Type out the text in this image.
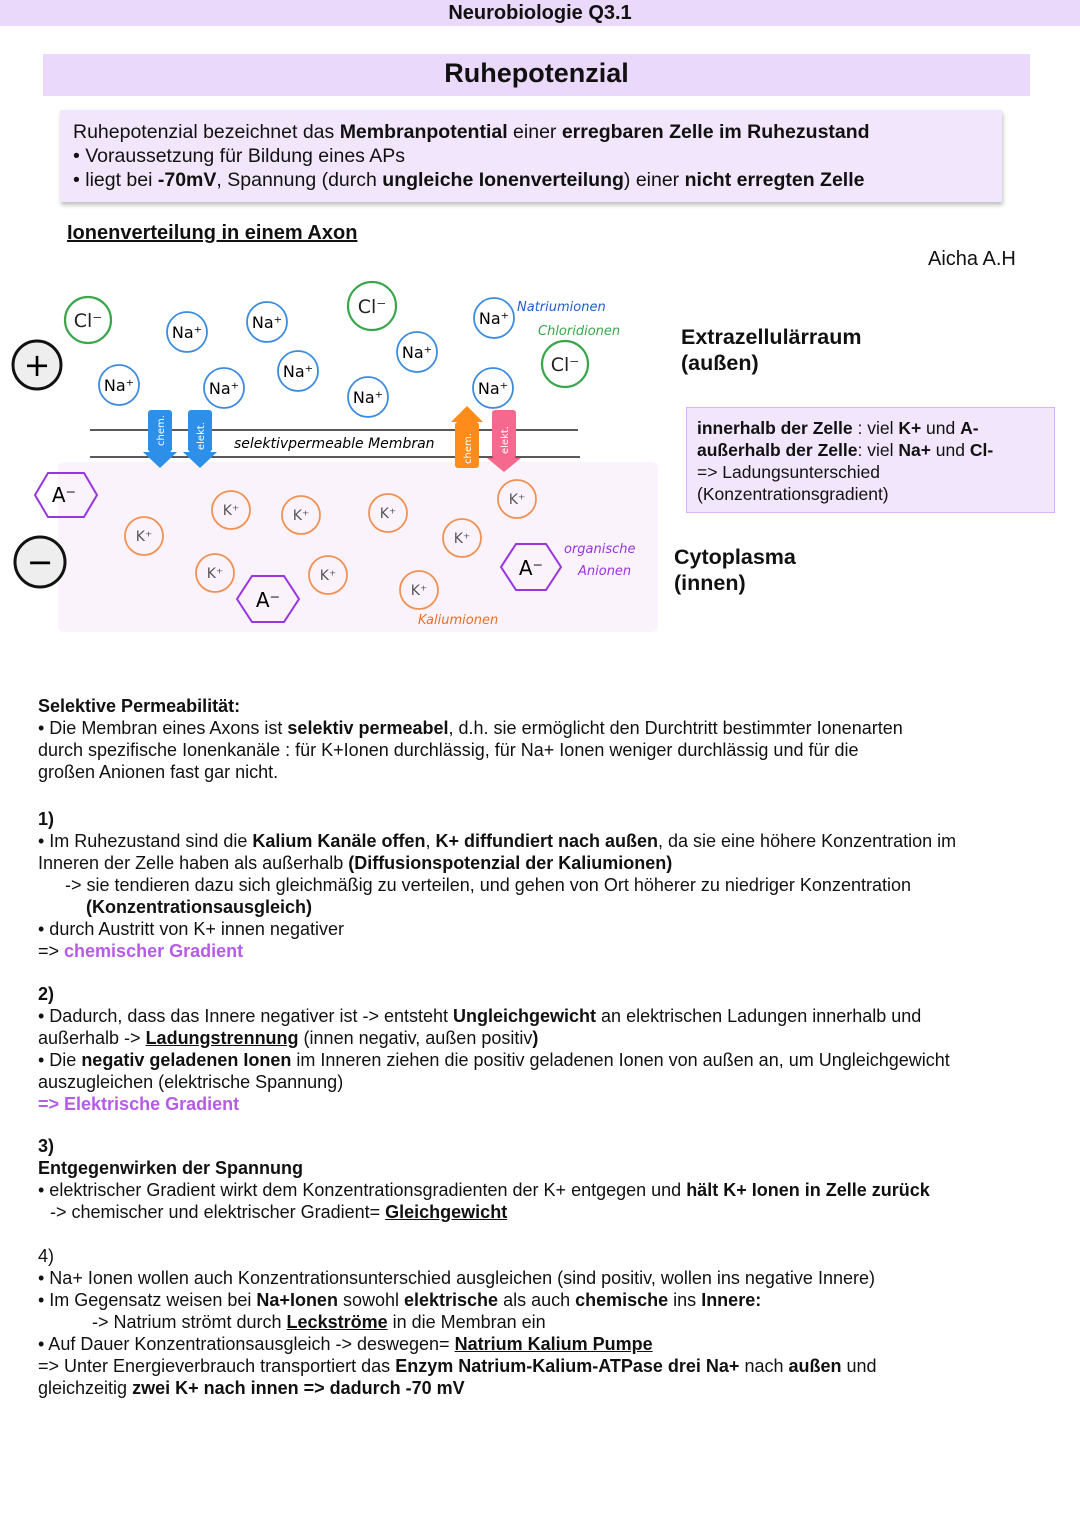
Neurobiologie Q3.1
Ruhepotenzial
Ruhepotenzial bezeichnet das Membranpotential einer erregbaren Zelle im Ruhezustand
• Voraussetzung für Bildung eines APs
• liegt bei -70mV, Spannung (durch ungleiche Ionenverteilung) einer nicht erregten Zelle
Ionenverteilung in einem Axon
Aicha A.H
selektivpermeable Membran
chem.	elekt.	chem.	elekt.
Cl⁻
Cl⁻
Cl⁻
Na⁺
Na⁺
Na⁺
Na⁺
Na⁺	Na⁺
Na⁺
Na⁺	Na⁺
K⁺
K⁺	K⁺	K⁺
K⁺
K⁺
K⁺	K⁺
K⁺
A⁻
A⁻
A⁻
+
−
Natriumionen
Chloridionen
organische
Anionen
Kaliumionen
Extrazellulärraum
(außen)
innerhalb der Zelle : viel K+ und A-
außerhalb der Zelle: viel Na+ und Cl-
=> Ladungsunterschied
(Konzentrationsgradient)
Cytoplasma
(innen)

Selektive Permeabilität:

• Die Membran eines Axons ist selektiv permeabel, d.h. sie ermöglicht den Durchtritt bestimmter Ionenarten

durch spezifische Ionenkanäle : für K+Ionen durchlässig, für Na+ Ionen weniger durchlässig und für die

großen Anionen fast gar nicht.

1)

• Im Ruhezustand sind die Kalium Kanäle offen, K+ diffundiert nach außen, da sie eine höhere Konzentration im

Inneren der Zelle haben als außerhalb (Diffusionspotenzial der Kaliumionen)

-> sie tendieren dazu sich gleichmäßig zu verteilen, und gehen von Ort höherer zu niedriger Konzentration

(Konzentrationsausgleich)

• durch Austritt von K+ innen negativer

=> chemischer Gradient

2)

• Dadurch, dass das Innere negativer ist -> entsteht Ungleichgewicht an elektrischen Ladungen innerhalb und

außerhalb -> Ladungstrennung (innen negativ, außen positiv)

• Die negativ geladenen Ionen im Inneren ziehen die positiv geladenen Ionen von außen an, um Ungleichgewicht

auszugleichen (elektrische Spannung)

=> Elektrische Gradient

3)

Entgegenwirken der Spannung

• elektrischer Gradient wirkt dem Konzentrationsgradienten der K+ entgegen und hält K+ Ionen in Zelle zurück

-> chemischer und elektrischer Gradient= Gleichgewicht

4)

• Na+ Ionen wollen auch Konzentrationsunterschied ausgleichen (sind positiv, wollen ins negative Innere)

• Im Gegensatz weisen bei Na+Ionen sowohl elektrische als auch chemische ins Innere:

-> Natrium strömt durch Leckströme in die Membran ein

• Auf Dauer Konzentrationsausgleich -> deswegen= Natrium Kalium Pumpe

=> Unter Energieverbrauch transportiert das Enzym Natrium-Kalium-ATPase drei Na+ nach außen und

gleichzeitig zwei K+ nach innen => dadurch -70 mV
